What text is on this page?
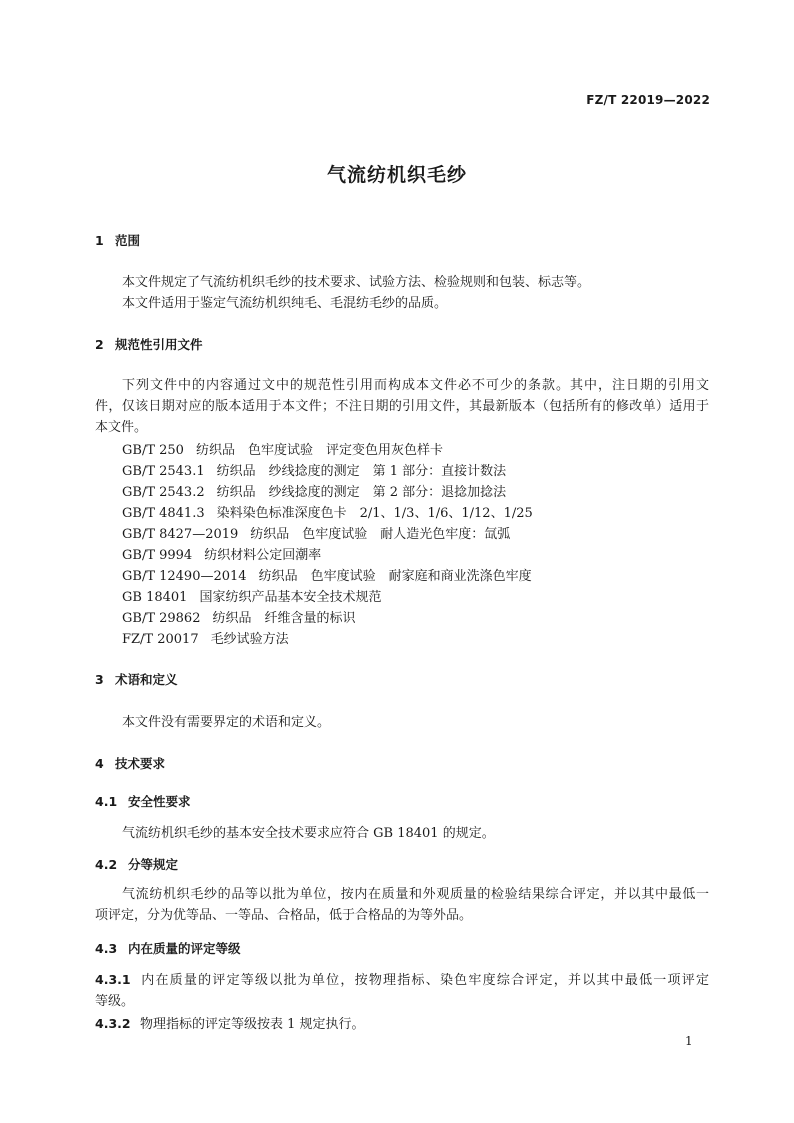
FZ/T 22019—2022
气流纺机织毛纱
1 范围
本文件规定了气流纺机织毛纱的技术要求、试验方法、检验规则和包装、标志等。
本文件适用于鉴定气流纺机织纯毛、毛混纺毛纱的品质。
2 规范性引用文件
下列文件中的内容通过文中的规范性引用而构成本文件必不可少的条款。其中，注日期的引用文
件，仅该日期对应的版本适用于本文件；不注日期的引用文件，其最新版本（包括所有的修改单）适用于
本文件。
GB/T 250 纺织品　色牢度试验　评定变色用灰色样卡
GB/T 2543.1 纺织品　纱线捻度的测定　第 1 部分：直接计数法
GB/T 2543.2 纺织品　纱线捻度的测定　第 2 部分：退捻加捻法
GB/T 4841.3 染料染色标准深度色卡　2/1、1/3、1/6、1/12、1/25
GB/T 8427—2019 纺织品　色牢度试验　耐人造光色牢度：氙弧
GB/T 9994 纺织材料公定回潮率
GB/T 12490—2014 纺织品　色牢度试验　耐家庭和商业洗涤色牢度
GB 18401 国家纺织产品基本安全技术规范
GB/T 29862 纺织品　纤维含量的标识
FZ/T 20017 毛纱试验方法
3 术语和定义
本文件没有需要界定的术语和定义。
4 技术要求
4.1 安全性要求
气流纺机织毛纱的基本安全技术要求应符合 GB 18401 的规定。
4.2 分等规定
气流纺机织毛纱的品等以批为单位，按内在质量和外观质量的检验结果综合评定，并以其中最低一
项评定，分为优等品、一等品、合格品，低于合格品的为等外品。
4.3 内在质量的评定等级
4.3.1 内在质量的评定等级以批为单位，按物理指标、染色牢度综合评定，并以其中最低一项评定
等级。
4.3.2 物理指标的评定等级按表 1 规定执行。
1
